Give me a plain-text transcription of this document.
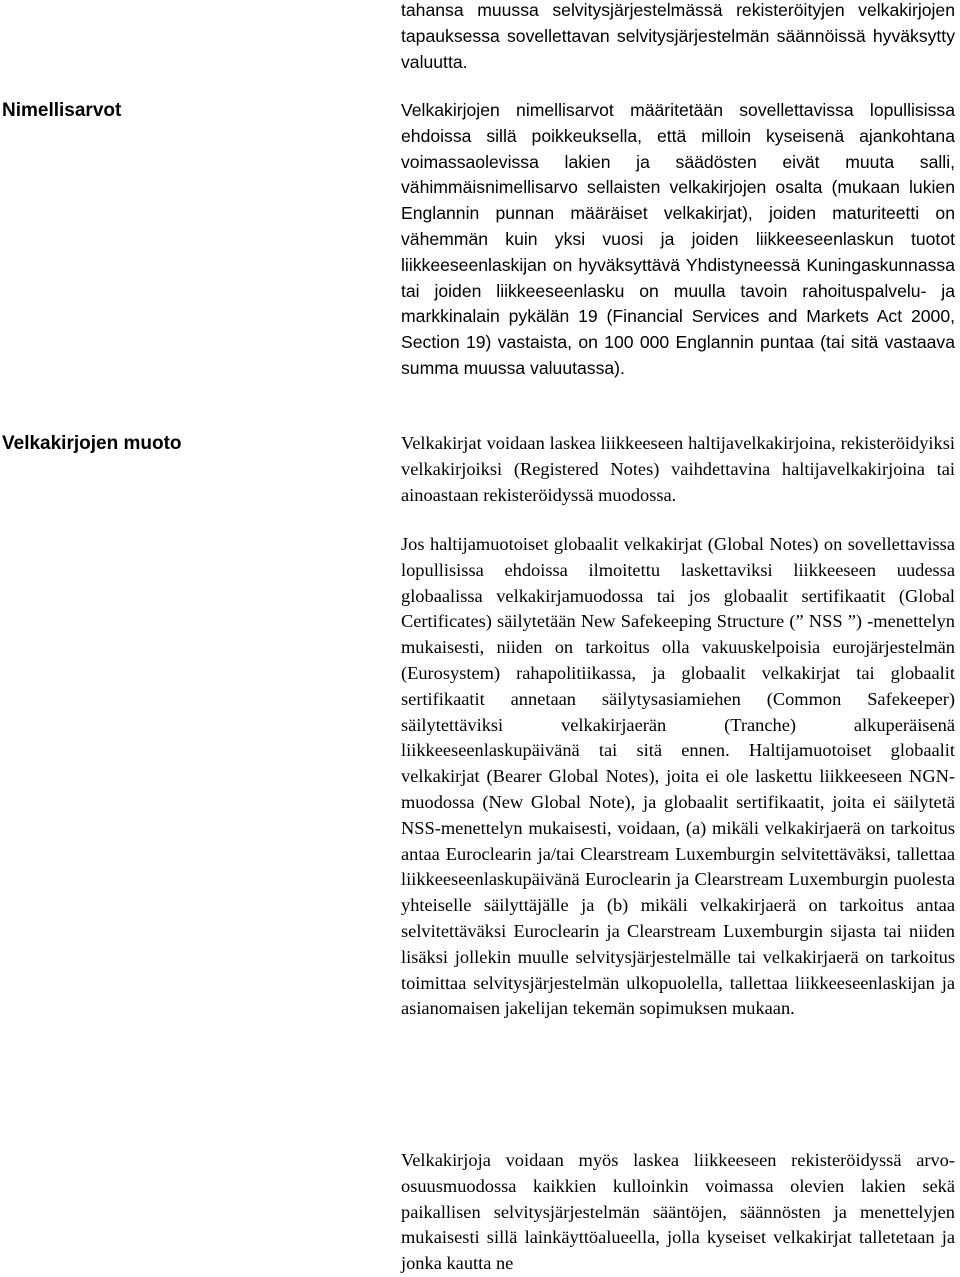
tahansa muussa selvitysjärjestelmässä rekisteröityjen velkakirjojen tapauksessa sovellettavan selvitysjärjestelmän säännöissä hyväksytty valuutta.

Nimellisarvot	Velkakirjojen nimellisarvot määritetään sovellettavissa lopullisissa ehdoissa sillä poikkeuksella, että milloin kyseisenä ajankohtana voimassaolevissa lakien ja säädösten eivät muuta salli, vähimmäisnimellisarvo sellaisten velkakirjojen osalta (mukaan lukien Englannin punnan määräiset velkakirjat), joiden maturiteetti on vähemmän kuin yksi vuosi ja joiden liikkeeseenlaskun tuotot liikkeeseenlaskijan on hyväksyttävä Yhdistyneessä Kuningaskunnassa tai joiden liikkeeseenlasku on muulla tavoin rahoituspalvelu- ja markkinalain pykälän 19 (Financial Services and Markets Act 2000, Section 19) vastaista, on 100 000 Englannin puntaa (tai sitä vastaava summa muussa valuutassa).

Velkakirjojen muoto	Velkakirjat voidaan laskea liikkeeseen haltijavelkakirjoina, rekisteröidyiksi velkakirjoiksi (Registered Notes) vaihdettavina haltijavelkakirjoina tai ainoastaan rekisteröidyssä muodossa.

Jos haltijamuotoiset globaalit velkakirjat (Global Notes) on sovellettavissa lopullisissa ehdoissa ilmoitettu laskettaviksi liikkeeseen uudessa globaalissa velkakirjamuodossa tai jos globaalit sertifikaatit (Global Certificates) säilytetään New Safekeeping Structure (” NSS ”) -menettelyn mukaisesti, niiden on tarkoitus olla vakuuskelpoisia eurojärjestelmän (Eurosystem) rahapolitiikassa, ja globaalit velkakirjat tai globaalit sertifikaatit annetaan säilytysasiamiehen (Common Safekeeper) säilytettäviksi velkakirjaerän (Tranche) alkuperäisenä liikkeeseenlaskupäivänä tai sitä ennen. Haltijamuotoiset globaalit velkakirjat (Bearer Global Notes), joita ei ole laskettu liikkeeseen NGN-muodossa (New Global Note), ja globaalit sertifikaatit, joita ei säilytetä NSS-menettelyn mukaisesti, voidaan, (a) mikäli velkakirjaerä on tarkoitus antaa Euroclearin ja/tai Clearstream Luxemburgin selvitettäväksi, tallettaa liikkeeseenlaskupäivänä Euroclearin ja Clearstream Luxemburgin puolesta yhteiselle säilyttäjälle ja (b) mikäli velkakirjaerä on tarkoitus antaa selvitettäväksi Euroclearin ja Clearstream Luxemburgin sijasta tai niiden lisäksi jollekin muulle selvitysjärjestelmälle tai velkakirjaerä on tarkoitus toimittaa selvitysjärjestelmän ulkopuolella, tallettaa liikkeeseenlaskijan ja asianomaisen jakelijan tekemän sopimuksen mukaan.

Velkakirjoja voidaan myös laskea liikkeeseen rekisteröidyssä arvo-osuusmuodossa kaikkien kulloinkin voimassa olevien lakien sekä paikallisen selvitysjärjestelmän sääntöjen, säännösten ja menettelyjen mukaisesti sillä lainkäyttöalueella, jolla kyseiset velkakirjat talletetaan ja jonka kautta ne
